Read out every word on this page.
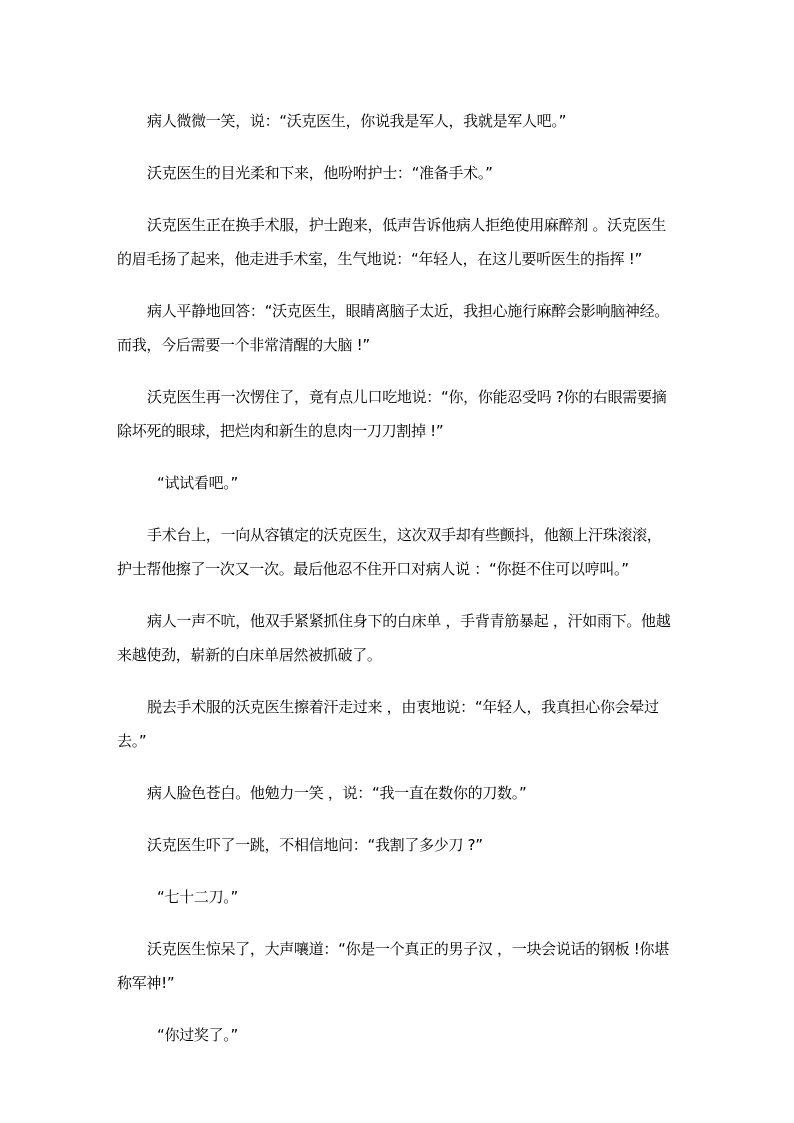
病人微微一笑，说：“沃克医生，你说我是军人，我就是军人吧。”

沃克医生的目光柔和下来，他吩咐护士：“准备手术。”

沃克医生正在换手术服，护士跑来，低声告诉他病人拒绝使用麻醉剂 。沃克医生的眉毛扬了起来，他走进手术室，生气地说：“年轻人，在这儿要听医生的指挥 !”

病人平静地回答：“沃克医生，眼睛离脑子太近，我担心施行麻醉会影响脑神经。而我，今后需要一个非常清醒的大脑 !”

沃克医生再一次愣住了，竟有点儿口吃地说：“你，你能忍受吗 ?你的右眼需要摘除坏死的眼球，把烂肉和新生的息肉一刀刀割掉 !”

“试试看吧。”

手术台上，一向从容镇定的沃克医生，这次双手却有些颤抖，他额上汗珠滚滚，护士帮他擦了一次又一次。最后他忍不住开口对病人说 ：“你挺不住可以哼叫。”

病人一声不吭，他双手紧紧抓住身下的白床单 ，手背青筋暴起 ，汗如雨下。他越来越使劲，崭新的白床单居然被抓破了。

脱去手术服的沃克医生擦着汗走过来 ，由衷地说：“年轻人，我真担心你会晕过去。”

病人脸色苍白。他勉力一笑 ，说：“我一直在数你的刀数。”

沃克医生吓了一跳，不相信地问：“我割了多少刀 ?”

“七十二刀。”

沃克医生惊呆了，大声嚷道：“你是一个真正的男子汉 ，一块会说话的钢板 !你堪称军神!”

“你过奖了。”
